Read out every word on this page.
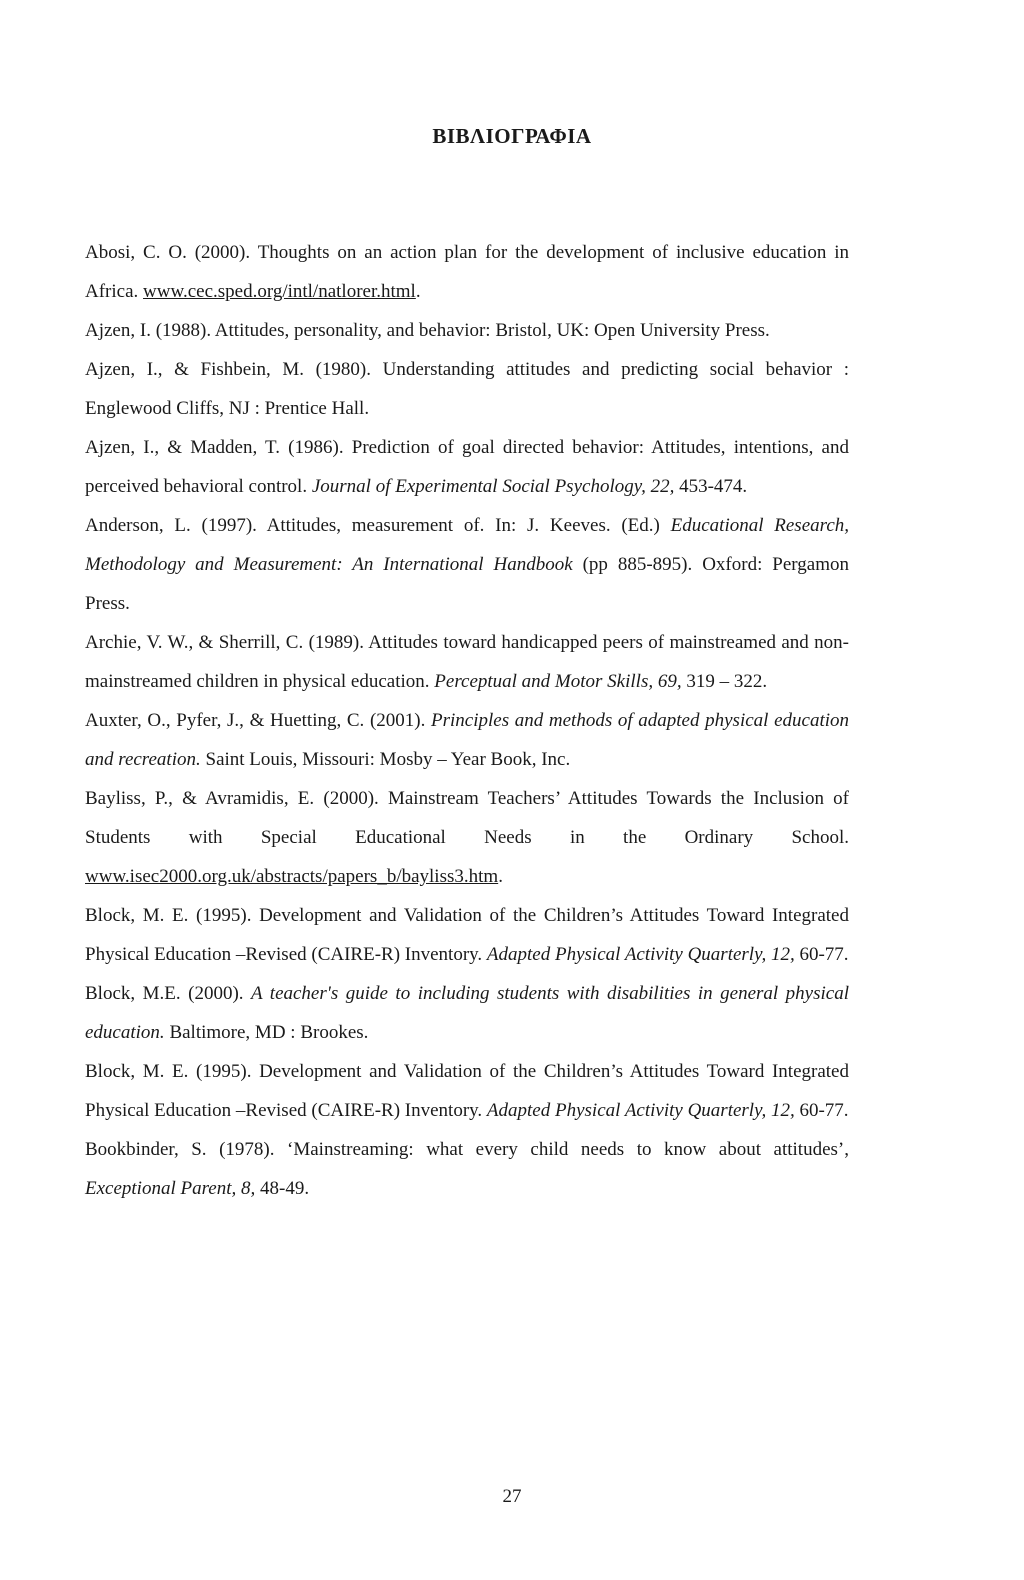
ΒΙΒΛΙΟΓΡΑΦΙΑ

Abosi, C. O. (2000). Thoughts on an action plan for the development of inclusive education in Africa. www.cec.sped.org/intl/natlorer.html.

Ajzen, I. (1988). Attitudes, personality, and behavior: Bristol, UK: Open University Press.

Ajzen, I., & Fishbein, M. (1980). Understanding attitudes and predicting social behavior : Englewood Cliffs, NJ : Prentice Hall.

Ajzen, I., & Madden, T. (1986). Prediction of goal directed behavior: Attitudes, intentions, and perceived behavioral control. Journal of Experimental Social Psychology, 22, 453-474.

Anderson, L. (1997). Attitudes, measurement of. In: J. Keeves. (Ed.) Educational Research, Methodology and Measurement: An International Handbook (pp 885-895). Oxford: Pergamon Press.

Archie, V. W., & Sherrill, C. (1989). Attitudes toward handicapped peers of mainstreamed and non-mainstreamed children in physical education. Perceptual and Motor Skills, 69, 319 – 322.

Auxter, O., Pyfer, J., & Huetting, C. (2001). Principles and methods of adapted physical education and recreation. Saint Louis, Missouri: Mosby – Year Book, Inc.

Bayliss, P., & Avramidis, E. (2000). Mainstream Teachers’ Attitudes Towards the Inclusion of Students with Special Educational Needs in the Ordinary School. www.isec2000.org.uk/abstracts/papers_b/bayliss3.htm.

Block, M. E. (1995). Development and Validation of the Children’s Attitudes Toward Integrated Physical Education –Revised (CAIRE-R) Inventory. Adapted Physical Activity Quarterly, 12, 60-77.

Block, M.E. (2000). A teacher's guide to including students with disabilities in general physical education. Baltimore, MD : Brookes.

Block, M. E. (1995). Development and Validation of the Children’s Attitudes Toward Integrated Physical Education –Revised (CAIRE-R) Inventory. Adapted Physical Activity Quarterly, 12, 60-77.

Bookbinder, S. (1978). ‘Mainstreaming: what every child needs to know about attitudes’, Exceptional Parent, 8, 48-49.

27
